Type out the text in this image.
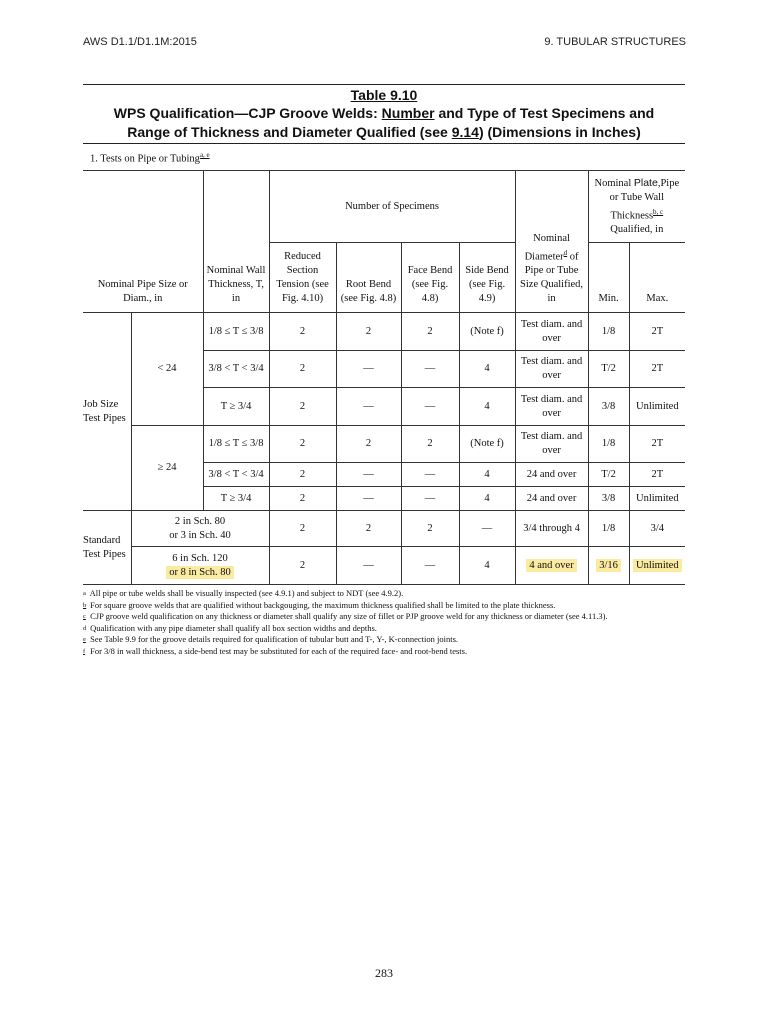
AWS D1.1/D1.1M:2015	9. TUBULAR STRUCTURES
Table 9.10
WPS Qualification—CJP Groove Welds: Number and Type of Test Specimens and
Range of Thickness and Diameter Qualified (see 9.14) (Dimensions in Inches)
1. Tests on Pipe or Tubing$^{a, e}$
Nominal Pipe Size or Diam., in		Nominal Wall Thickness, T, in	Number of Specimens				Nominal Diameter$^d$ of Pipe or Tube Size Qualified, in	Nominal Plate,Pipe or Tube Wall Thickness$^{b, c}$ Qualified, in	
			Reduced Section Tension (see Fig. 4.10)	Root Bend (see Fig. 4.8)	Face Bend (see Fig. 4.8)	Side Bend (see Fig. 4.9)		Min.	Max.
Job Size Test Pipes	< 24	1/8 ≤ T ≤ 3/8	2	2	2	(Note f)	Test diam. and over	1/8	2T
		3/8 < T < 3/4	2	—	—	4	Test diam. and over	T/2	2T
		T ≥ 3/4	2	—	—	4	Test diam. and over	3/8	Unlimited
	≥ 24	1/8 ≤ T ≤ 3/8	2	2	2	(Note f)	Test diam. and over	1/8	2T
		3/8 < T < 3/4	2	—	—	4	24 and over	T/2	2T
		T ≥ 3/4	2	—	—	4	24 and over	3/8	Unlimited
Standard Test Pipes	2 in Sch. 80
or 3 in Sch. 40		2	2	2	—	3/4 through 4	1/8	3/4

	6 in Sch. 120
or 8 in Sch. 80		2	—	—	4	4 and over	3/16	Unlimited
a All pipe or tube welds shall be visually inspected (see 4.9.1) and subject to NDT (see 4.9.2).
b For square groove welds that are qualified without backgouging, the maximum thickness qualified shall be limited to the plate thickness.
c CJP groove weld qualification on any thickness or diameter shall qualify any size of fillet or PJP groove weld for any thickness or diameter (see 4.11.3).
d Qualification with any pipe diameter shall qualify all box section widths and depths.
e See Table 9.9 for the groove details required for qualification of tubular butt and T-, Y-, K-connection joints.
f For 3/8 in wall thickness, a side-bend test may be substituted for each of the required face- and root-bend tests.
283
